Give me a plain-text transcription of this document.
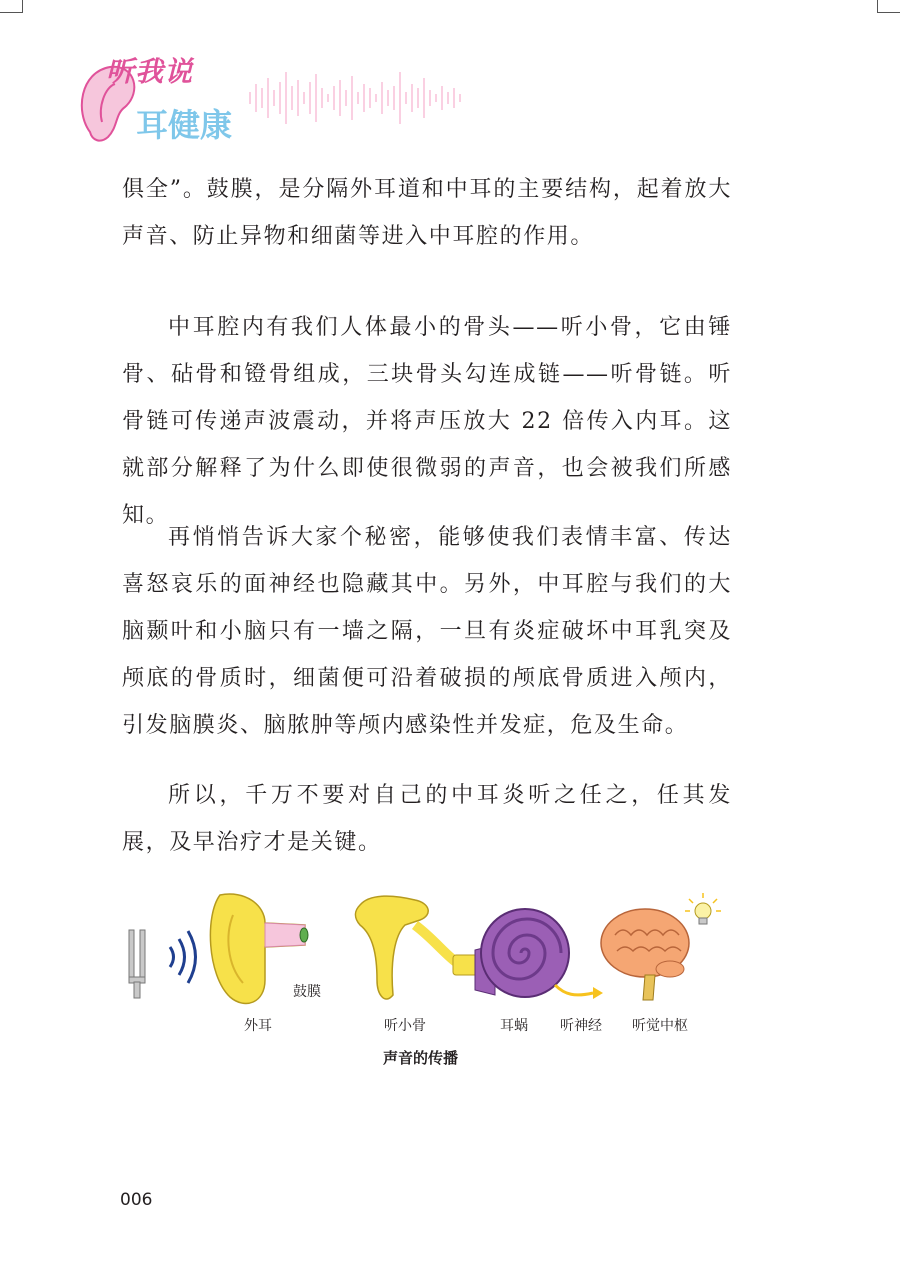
听我说
耳健康

俱全”。鼓膜，是分隔外耳道和中耳的主要结构，起着放大声音、防止异物和细菌等进入中耳腔的作用。

中耳腔内有我们人体最小的骨头——听小骨，它由锤骨、砧骨和镫骨组成，三块骨头勾连成链——听骨链。听骨链可传递声波震动，并将声压放大 22 倍传入内耳。这就部分解释了为什么即使很微弱的声音，也会被我们所感知。

再悄悄告诉大家个秘密，能够使我们表情丰富、传达喜怒哀乐的面神经也隐藏其中。另外，中耳腔与我们的大脑颞叶和小脑只有一墙之隔，一旦有炎症破坏中耳乳突及颅底的骨质时，细菌便可沿着破损的颅底骨质进入颅内，引发脑膜炎、脑脓肿等颅内感染性并发症，危及生命。

所以，千万不要对自己的中耳炎听之任之，任其发展，及早治疗才是关键。

鼓膜
外耳	听小骨	耳蜗 听神经 听觉中枢
声音的传播
006
